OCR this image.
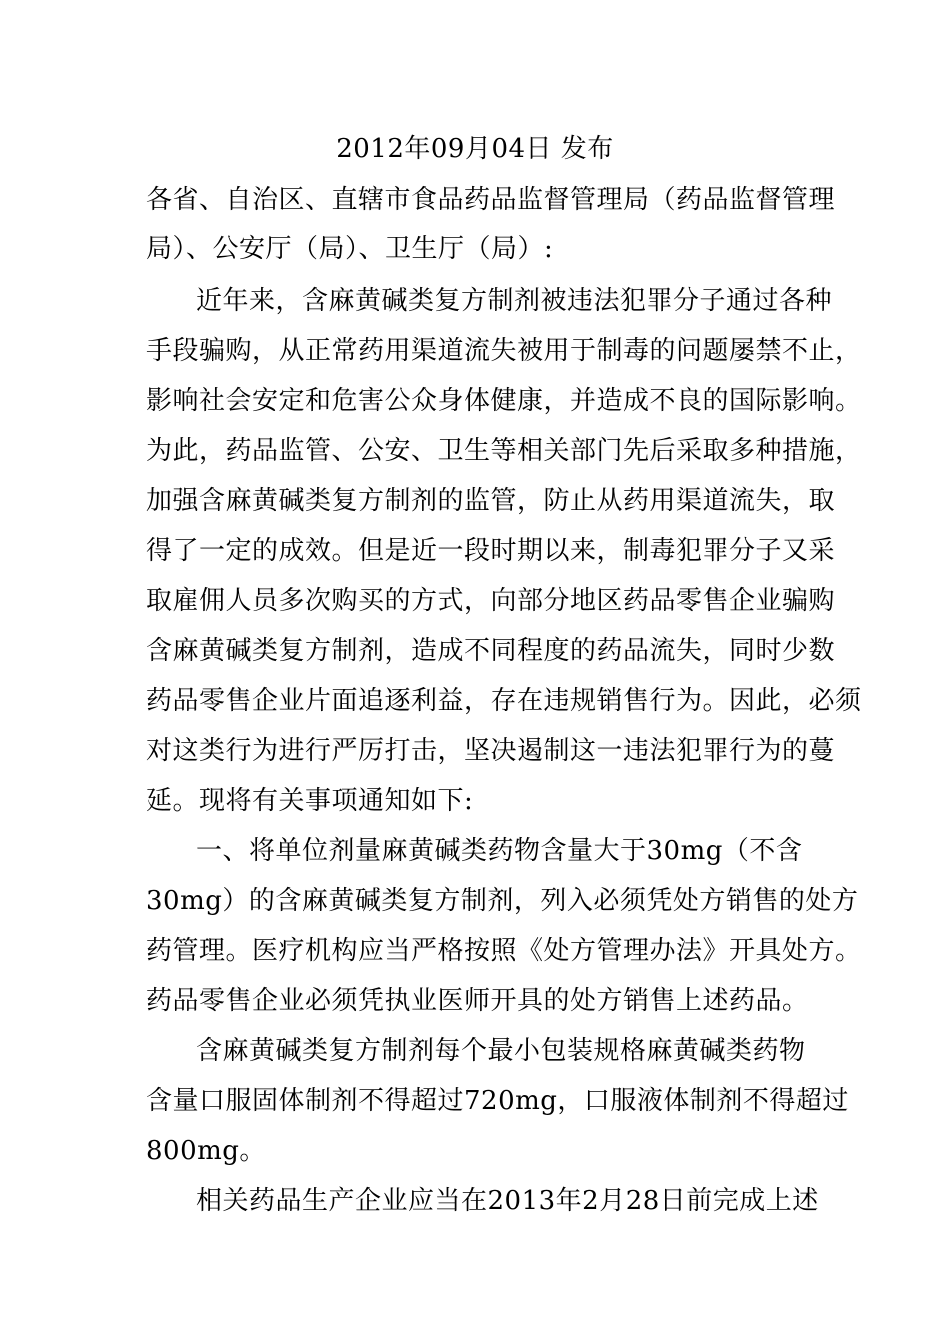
2012年09月04日 发布
各省、自治区、直辖市食品药品监督管理局（药品监督管理
局）、公安厅（局）、卫生厅（局）:
近年来，含麻黄碱类复方制剂被违法犯罪分子通过各种
手段骗购，从正常药用渠道流失被用于制毒的问题屡禁不止，
影响社会安定和危害公众身体健康，并造成不良的国际影响。
为此，药品监管、公安、卫生等相关部门先后采取多种措施，
加强含麻黄碱类复方制剂的监管，防止从药用渠道流失，取
得了一定的成效。但是近一段时期以来，制毒犯罪分子又采
取雇佣人员多次购买的方式，向部分地区药品零售企业骗购
含麻黄碱类复方制剂，造成不同程度的药品流失，同时少数
药品零售企业片面追逐利益，存在违规销售行为。因此，必须
对这类行为进行严厉打击，坚决遏制这一违法犯罪行为的蔓
延。现将有关事项通知如下:
一、将单位剂量麻黄碱类药物含量大于30mg（不含
30mg）的含麻黄碱类复方制剂，列入必须凭处方销售的处方
药管理。医疗机构应当严格按照《处方管理办法》开具处方。
药品零售企业必须凭执业医师开具的处方销售上述药品。
含麻黄碱类复方制剂每个最小包装规格麻黄碱类药物
含量口服固体制剂不得超过720mg，口服液体制剂不得超过
800mg。
相关药品生产企业应当在2013年2月28日前完成上述
